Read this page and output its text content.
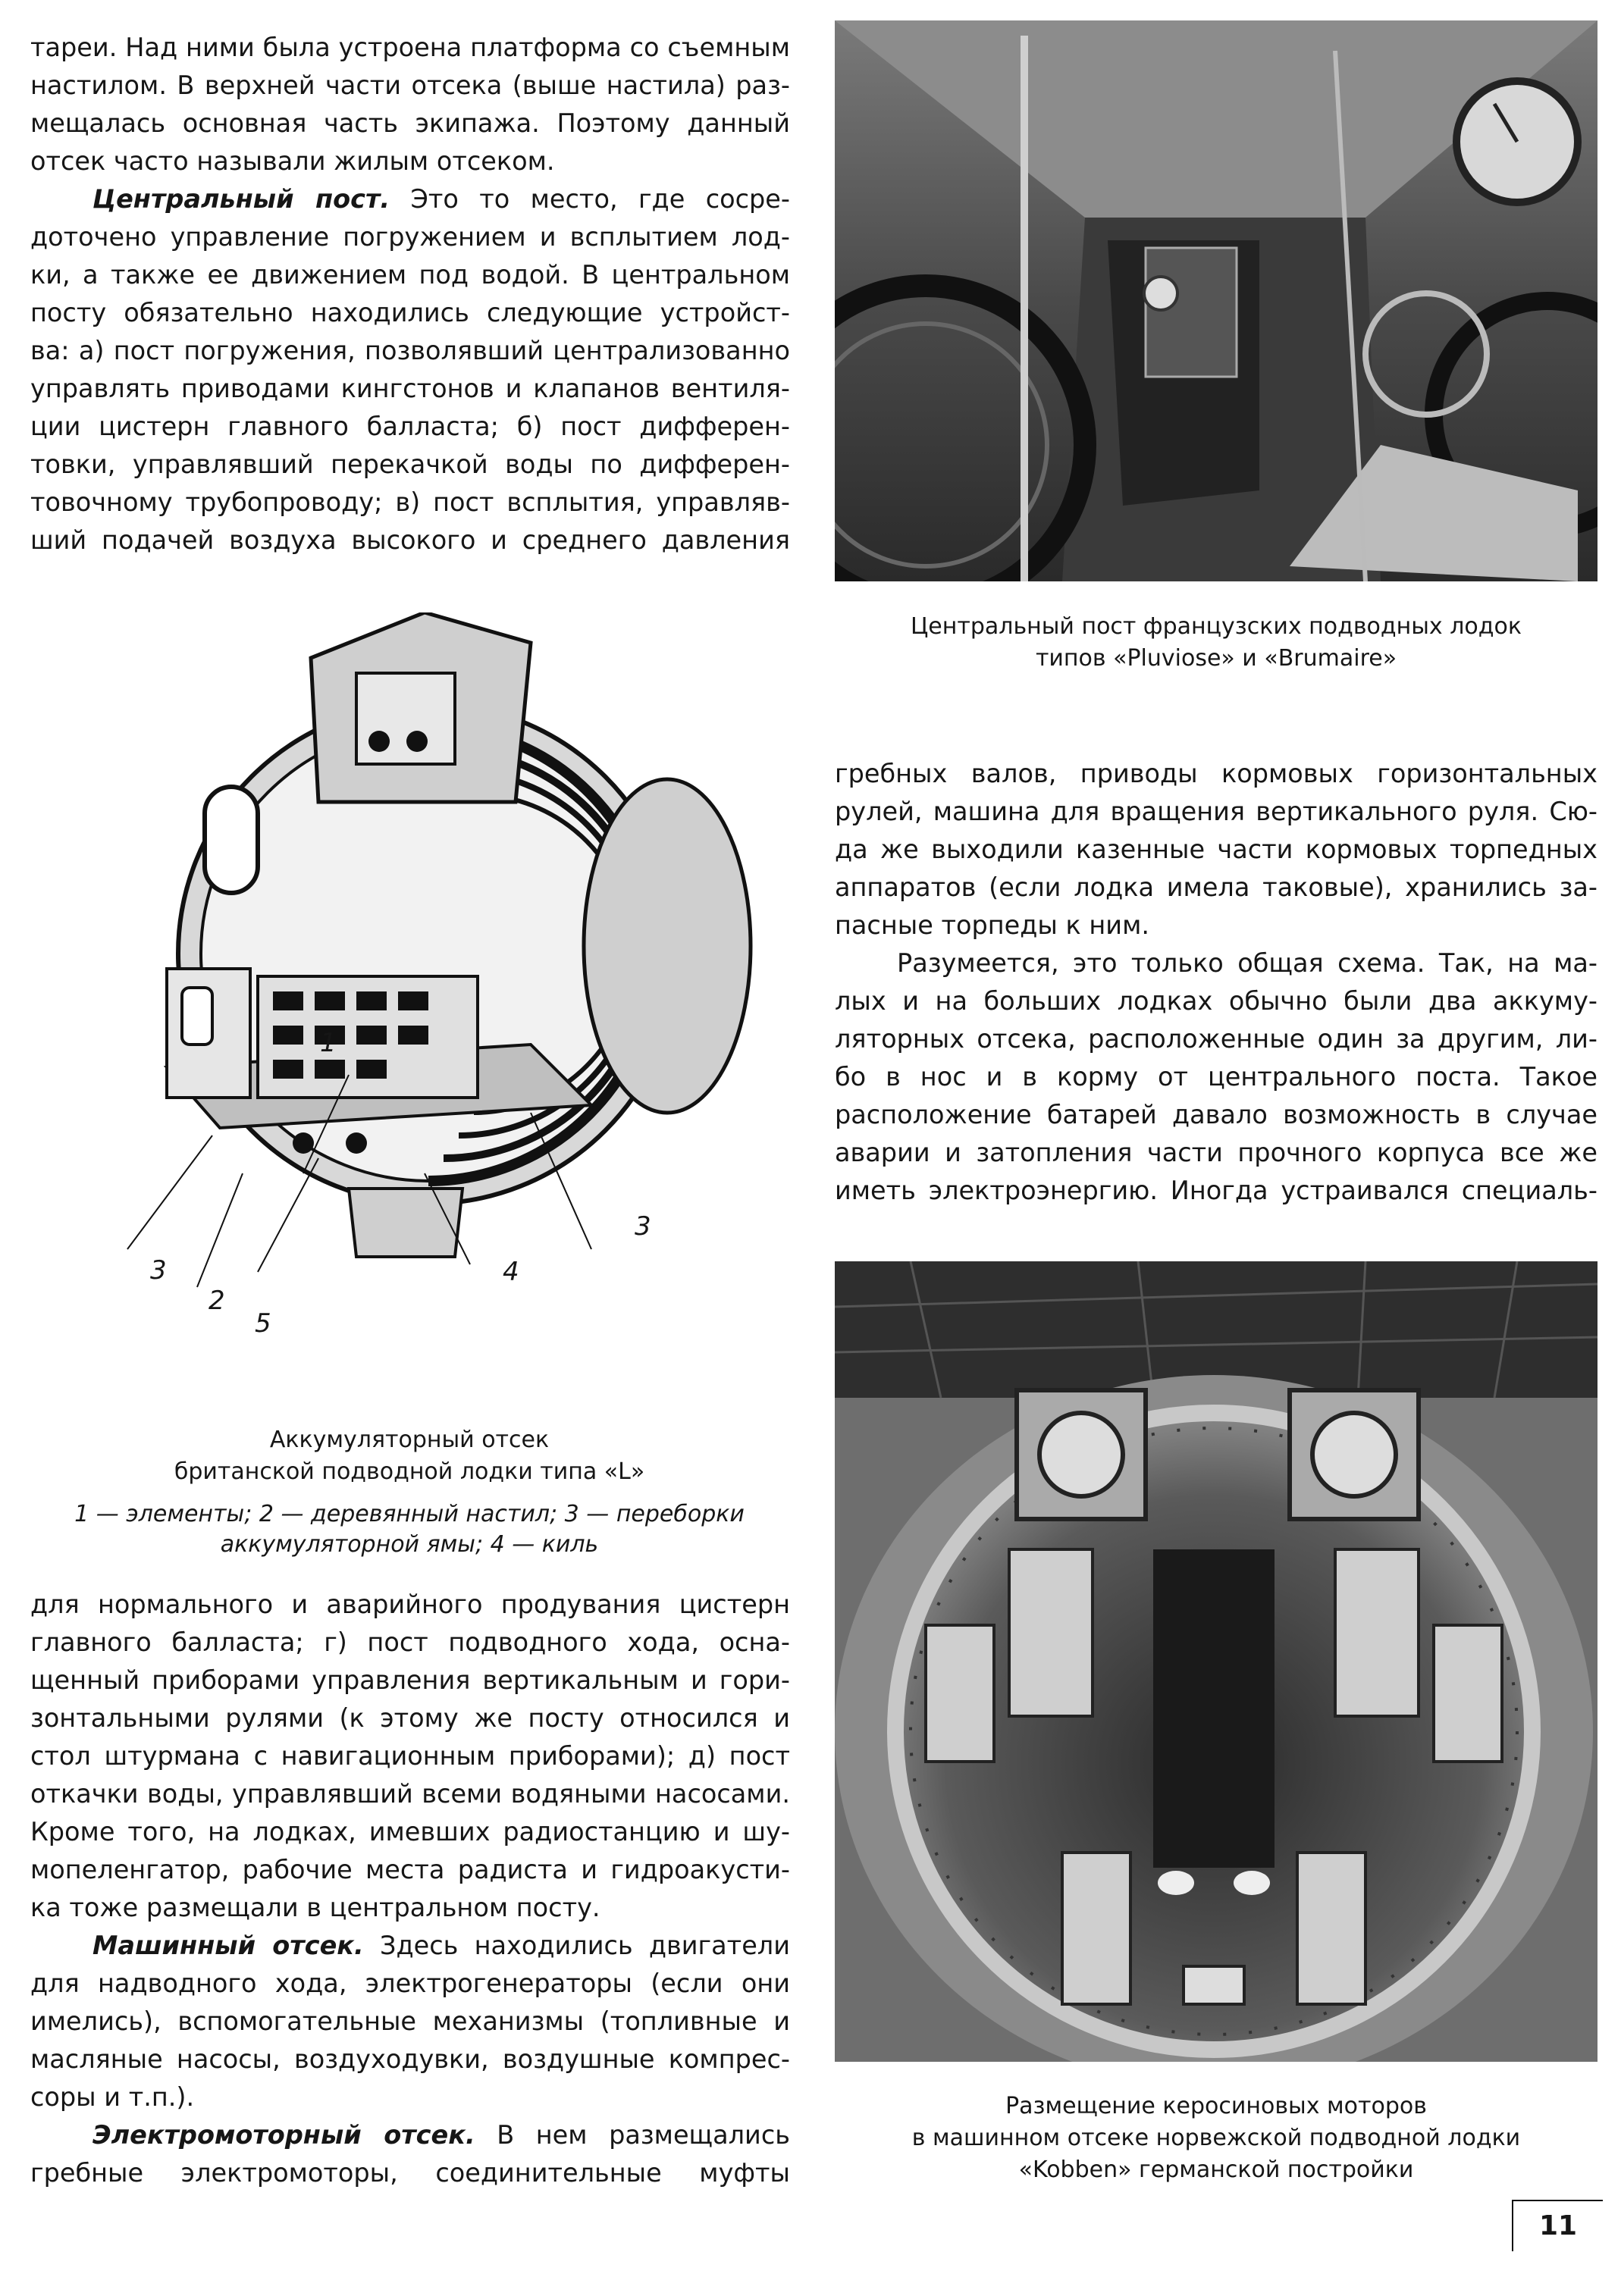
тареи. Над ними была устроена платформа со съемным

настилом. В верхней части отсека (выше настила) раз-

мещалась основная часть экипажа. Поэтому данный

отсек часто называли жилым отсеком.

Центральный пост. Это то место, где сосре-

доточено управление погружением и всплытием лод-

ки, а также ее движением под водой. В центральном

посту обязательно находились следующие устройст-

ва: а) пост погружения, позволявший централизованно

управлять приводами кингстонов и клапанов вентиля-

ции цистерн главного балласта; б) пост дифферен-

товки, управлявший перекачкой воды по дифферен-

товочному трубопроводу; в) пост всплытия, управляв-

ший подачей воздуха высокого и среднего давления

Центральный пост французских подводных лодок
типов «Pluviose» и «Brumaire»
1
2
3
3
4
5
Аккумуляторный отсек
британской подводной лодки типа «L»
1 — элементы; 2 — деревянный настил; 3 — переборки
аккумуляторной ямы; 4 — киль

гребных валов, приводы кормовых горизонтальных

рулей, машина для вращения вертикального руля. Сю-

да же выходили казенные части кормовых торпедных

аппаратов (если лодка имела таковые), хранились за-

пасные торпеды к ним.

Разумеется, это только общая схема. Так, на ма-

лых и на больших лодках обычно были два аккуму-

ляторных отсека, расположенные один за другим, ли-

бо в нос и в корму от центрального поста. Такое

расположение батарей давало возможность в случае

аварии и затопления части прочного корпуса все же

иметь электроэнергию. Иногда устраивался специаль-

Размещение керосиновых моторов
в машинном отсеке норвежской подводной лодки
«Kobben» германской постройки

для нормального и аварийного продувания цистерн

главного балласта; г) пост подводного хода, осна-

щенный приборами управления вертикальным и гори-

зонтальными рулями (к этому же посту относился и

стол штурмана с навигационным приборами); д) пост

откачки воды, управлявший всеми водяными насосами.

Кроме того, на лодках, имевших радиостанцию и шу-

мопеленгатор, рабочие места радиста и гидроакусти-

ка тоже размещали в центральном посту.

Машинный отсек. Здесь находились двигатели

для надводного хода, электрогенераторы (если они

имелись), вспомогательные механизмы (топливные и

масляные насосы, воздуходувки, воздушные компрес-

соры и т.п.).

Электромоторный отсек. В нем размещались

гребные электромоторы, соединительные муфты

11
